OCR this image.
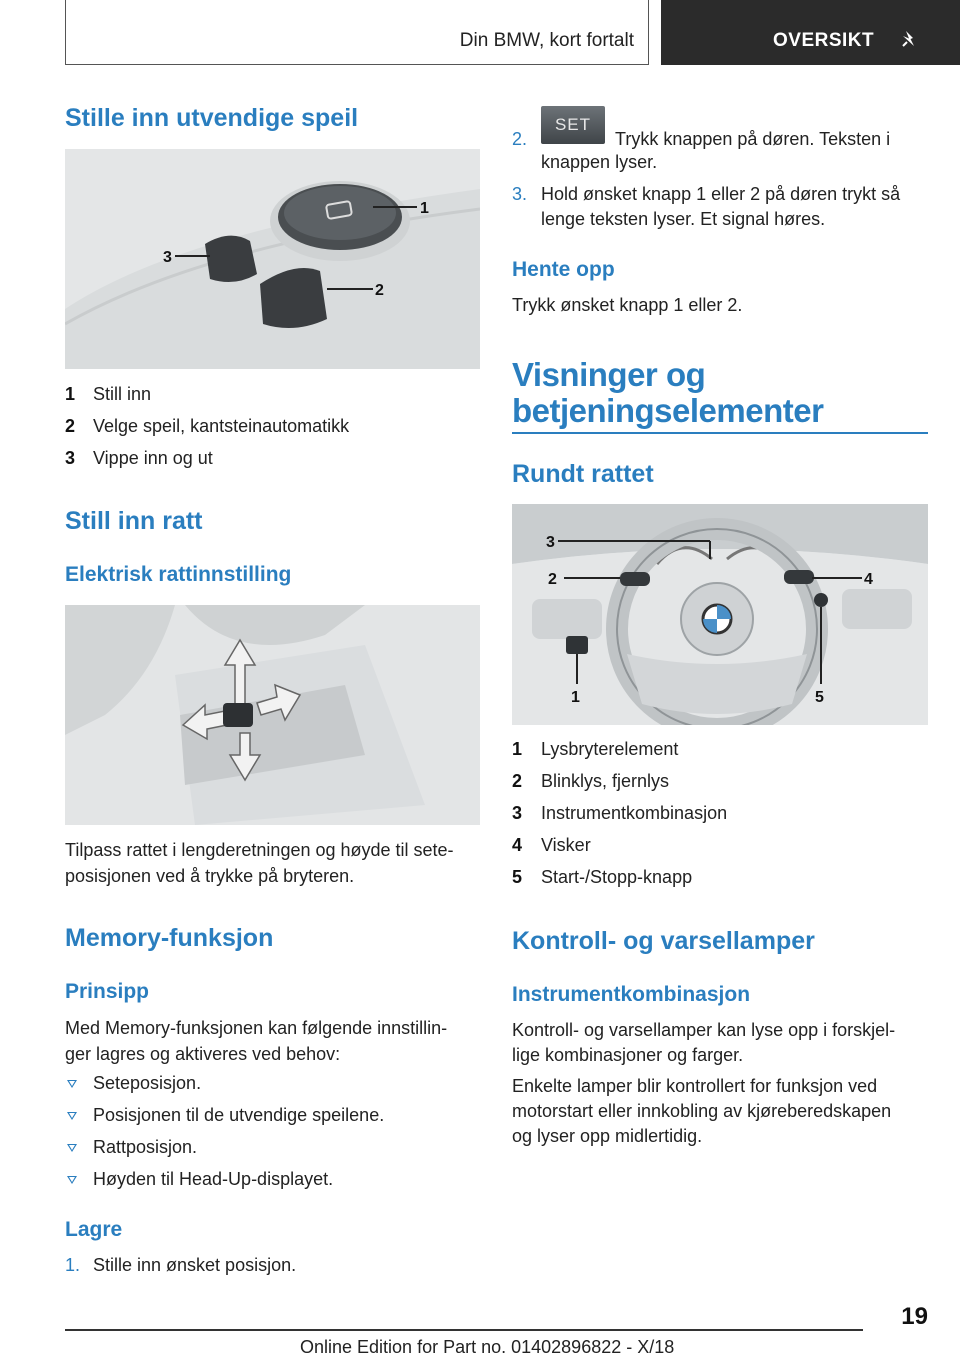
Din BMW, kort fortalt	OVERSIKT
Stille inn utvendige speil
1
2
3
1 Still inn
2 Velge speil, kantsteinautomatikk
3 Vippe inn og ut
Still inn ratt
Elektrisk rattinnstilling
Tilpass rattet i lengderetningen og høyde til sete-
posisjonen ved å trykke på bryteren.
Memory-funksjon
Prinsipp
Med Memory-funksjonen kan følgende innstillin-
ger lagres og aktiveres ved behov:
Seteposisjon.
Posisjonen til de utvendige speilene.
Rattposisjon.
Høyden til Head-Up-displayet.
Lagre
1. Stille inn ønsket posisjon.
2.
SET
Trykk knappen på døren. Teksten i
knappen lyser.
3. Hold ønsket knapp 1 eller 2 på døren trykt så
lenge teksten lyser. Et signal høres.
Hente opp
Trykk ønsket knapp 1 eller 2.
Visninger og
betjeningselementer
Rundt rattet
3
2	4
1	5
1 Lysbryterelement
2 Blinklys, fjernlys
3 Instrumentkombinasjon
4 Visker
5 Start-/Stopp-knapp
Kontroll- og varsellamper
Instrumentkombinasjon
Kontroll- og varsellamper kan lyse opp i forskjel-
lige kombinasjoner og farger.
Enkelte lamper blir kontrollert for funksjon ved
motorstart eller innkobling av kjøreberedskapen
og lyser opp midlertidig.
19
Online Edition for Part no. 01402896822 - X/18
